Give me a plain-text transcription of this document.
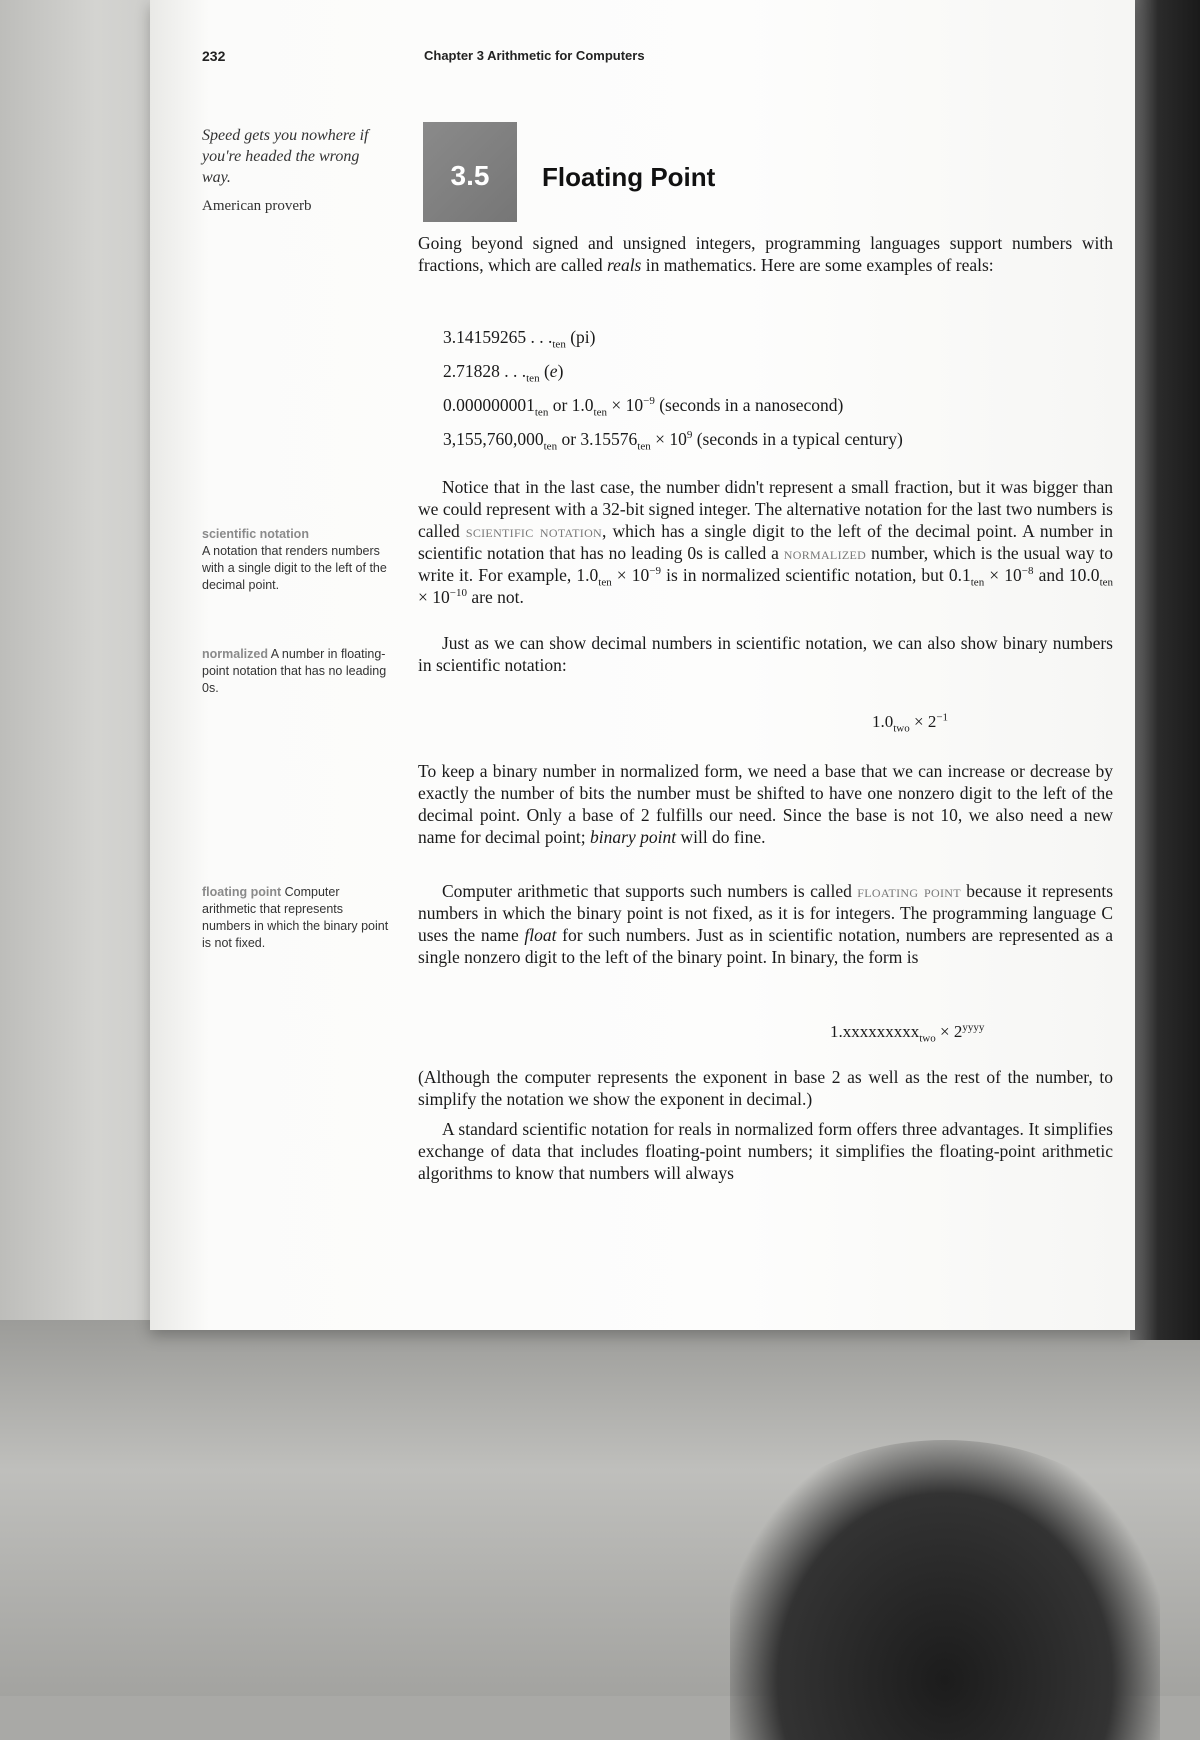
232	Chapter 3 Arithmetic for Computers
Speed gets you nowhere if you're headed the wrong way.
American proverb
3.5	Floating Point

Going beyond signed and unsigned integers, programming languages support numbers with fractions, which are called reals in mathematics. Here are some examples of reals:

3.14159265 . . $._{ten}$ (pi)
2.71828 . . $._{ten}$ (e)
$0.000000001_{ten}$ or $1.0_{ten} \times 10^{-9}$ (seconds in a nanosecond)
$3,155,760,000_{ten}$ or $3.15576_{ten} \times 10^9$ (seconds in a typical century)

Notice that in the last case, the number didn't represent a small fraction, but it was bigger than we could represent with a 32-bit signed integer. The alternative notation for the last two numbers is called scientific notation, which has a single digit to the left of the decimal point. A number in scientific notation that has no leading 0s is called a normalized number, which is the usual way to write it. For example, $1.0_{ten} \times 10^{-9}$ is in normalized scientific notation, but $0.1_{ten} \times 10^{-8}$ and $10.0_{ten} \times 10^{-10}$ are not.

scientific notation
A notation that renders numbers with a single digit to the left of the decimal point.
normalized A number in floating-point notation that has no leading 0s.

Just as we can show decimal numbers in scientific notation, we can also show binary numbers in scientific notation:

$1.0_{two} \times 2^{-1}$

To keep a binary number in normalized form, we need a base that we can increase or decrease by exactly the number of bits the number must be shifted to have one nonzero digit to the left of the decimal point. Only a base of 2 fulfills our need. Since the base is not 10, we also need a new name for decimal point; binary point will do fine.

floating point Computer arithmetic that represents numbers in which the binary point is not fixed.

Computer arithmetic that supports such numbers is called floating point because it represents numbers in which the binary point is not fixed, as it is for integers. The programming language C uses the name float for such numbers. Just as in scientific notation, numbers are represented as a single nonzero digit to the left of the binary point. In binary, the form is

1.xxxxxxxxx$_{two}$ × $2^{yyyy}$

(Although the computer represents the exponent in base 2 as well as the rest of the number, to simplify the notation we show the exponent in decimal.)

A standard scientific notation for reals in normalized form offers three advantages. It simplifies exchange of data that includes floating-point numbers; it simplifies the floating-point arithmetic algorithms to know that numbers will always
